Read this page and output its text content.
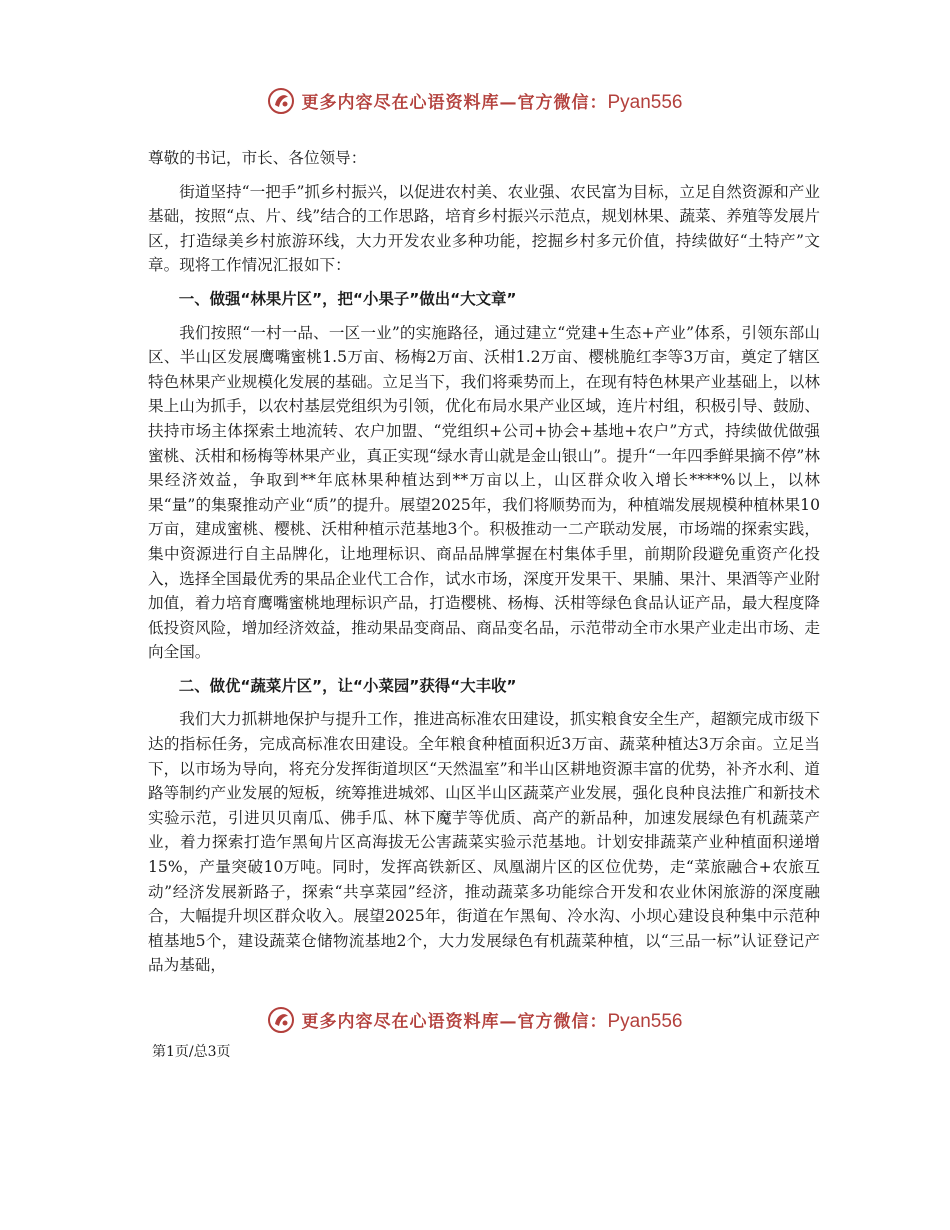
更多内容尽在心语资料库—官方微信：Pyan556

尊敬的书记，市长、各位领导：

街道坚持“一把手”抓乡村振兴，以促进农村美、农业强、农民富为目标，立足自然资源和产业基础，按照“点、片、线”结合的工作思路，培育乡村振兴示范点，规划林果、蔬菜、养殖等发展片区，打造绿美乡村旅游环线，大力开发农业多种功能，挖掘乡村多元价值，持续做好“土特产”文章。现将工作情况汇报如下：

一、做强“林果片区”，把“小果子”做出“大文章”

我们按照“一村一品、一区一业”的实施路径，通过建立“党建+生态+产业”体系，引领东部山区、半山区发展鹰嘴蜜桃1.5万亩、杨梅2万亩、沃柑1.2万亩、樱桃脆红李等3万亩，奠定了辖区特色林果产业规模化发展的基础。立足当下，我们将乘势而上，在现有特色林果产业基础上，以林果上山为抓手，以农村基层党组织为引领，优化布局水果产业区域，连片村组，积极引导、鼓励、扶持市场主体探索土地流转、农户加盟、“党组织+公司+协会+基地+农户”方式，持续做优做强蜜桃、沃柑和杨梅等林果产业，真正实现“绿水青山就是金山银山”。提升“一年四季鲜果摘不停”林果经济效益，争取到**年底林果种植达到**万亩以上，山区群众收入增长****%以上，以林果“量”的集聚推动产业“质”的提升。展望2025年，我们将顺势而为，种植端发展规模种植林果10万亩，建成蜜桃、樱桃、沃柑种植示范基地3个。积极推动一二产联动发展，市场端的探索实践，集中资源进行自主品牌化，让地理标识、商品品牌掌握在村集体手里，前期阶段避免重资产化投入，选择全国最优秀的果品企业代工合作，试水市场，深度开发果干、果脯、果汁、果酒等产业附加值，着力培育鹰嘴蜜桃地理标识产品，打造樱桃、杨梅、沃柑等绿色食品认证产品，最大程度降低投资风险，增加经济效益，推动果品变商品、商品变名品，示范带动全市水果产业走出市场、走向全国。

二、做优“蔬菜片区”，让“小菜园”获得“大丰收”

我们大力抓耕地保护与提升工作，推进高标准农田建设，抓实粮食安全生产，超额完成市级下达的指标任务，完成高标准农田建设。全年粮食种植面积近3万亩、蔬菜种植达3万余亩。立足当下，以市场为导向，将充分发挥街道坝区“天然温室”和半山区耕地资源丰富的优势，补齐水利、道路等制约产业发展的短板，统筹推进城郊、山区半山区蔬菜产业发展，强化良种良法推广和新技术实验示范，引进贝贝南瓜、佛手瓜、林下魔芋等优质、高产的新品种，加速发展绿色有机蔬菜产业，着力探索打造乍黑甸片区高海拔无公害蔬菜实验示范基地。计划安排蔬菜产业种植面积递增15%，产量突破10万吨。同时，发挥高铁新区、凤凰湖片区的区位优势，走“菜旅融合+农旅互动”经济发展新路子，探索“共享菜园”经济，推动蔬菜多功能综合开发和农业休闲旅游的深度融合，大幅提升坝区群众收入。展望2025年，街道在乍黑甸、冷水沟、小坝心建设良种集中示范种植基地5个，建设蔬菜仓储物流基地2个，大力发展绿色有机蔬菜种植，以“三品一标”认证登记产品为基础，

更多内容尽在心语资料库—官方微信：Pyan556
第1页/总3页
